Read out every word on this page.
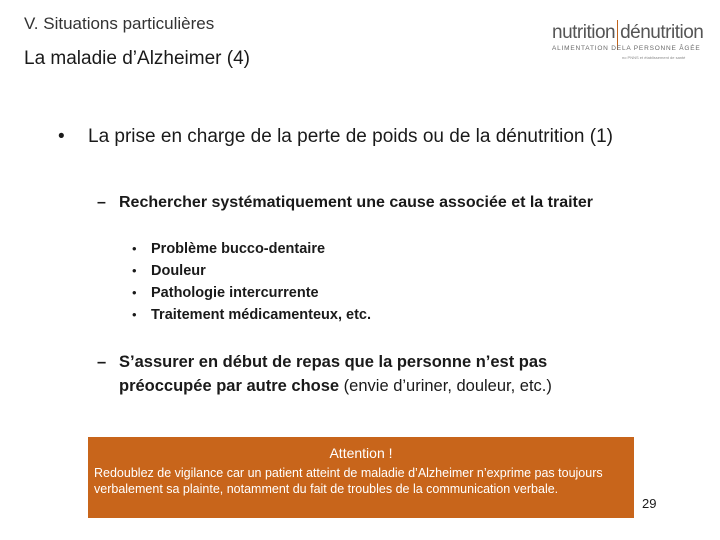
V. Situations particulières
La maladie d’Alzheimer (4)
nutrition dénutrition
ALIMENTATION DE LA PERSONNE ÂGÉE
no PNNS et établissement de santé
• La prise en charge de la perte de poids ou de la dénutrition (1)
– Rechercher systématiquement une cause associée et la traiter
• Problème bucco-dentaire
• Douleur
• Pathologie intercurrente
• Traitement médicamenteux, etc.
– S’assurer en début de repas que la personne n’est pas préoccupée par autre chose (envie d’uriner, douleur, etc.)
Attention !
Redoublez de vigilance car un patient atteint de maladie d’Alzheimer n’exprime pas toujours verbalement sa plainte, notamment du fait de troubles de la communication verbale.
29
